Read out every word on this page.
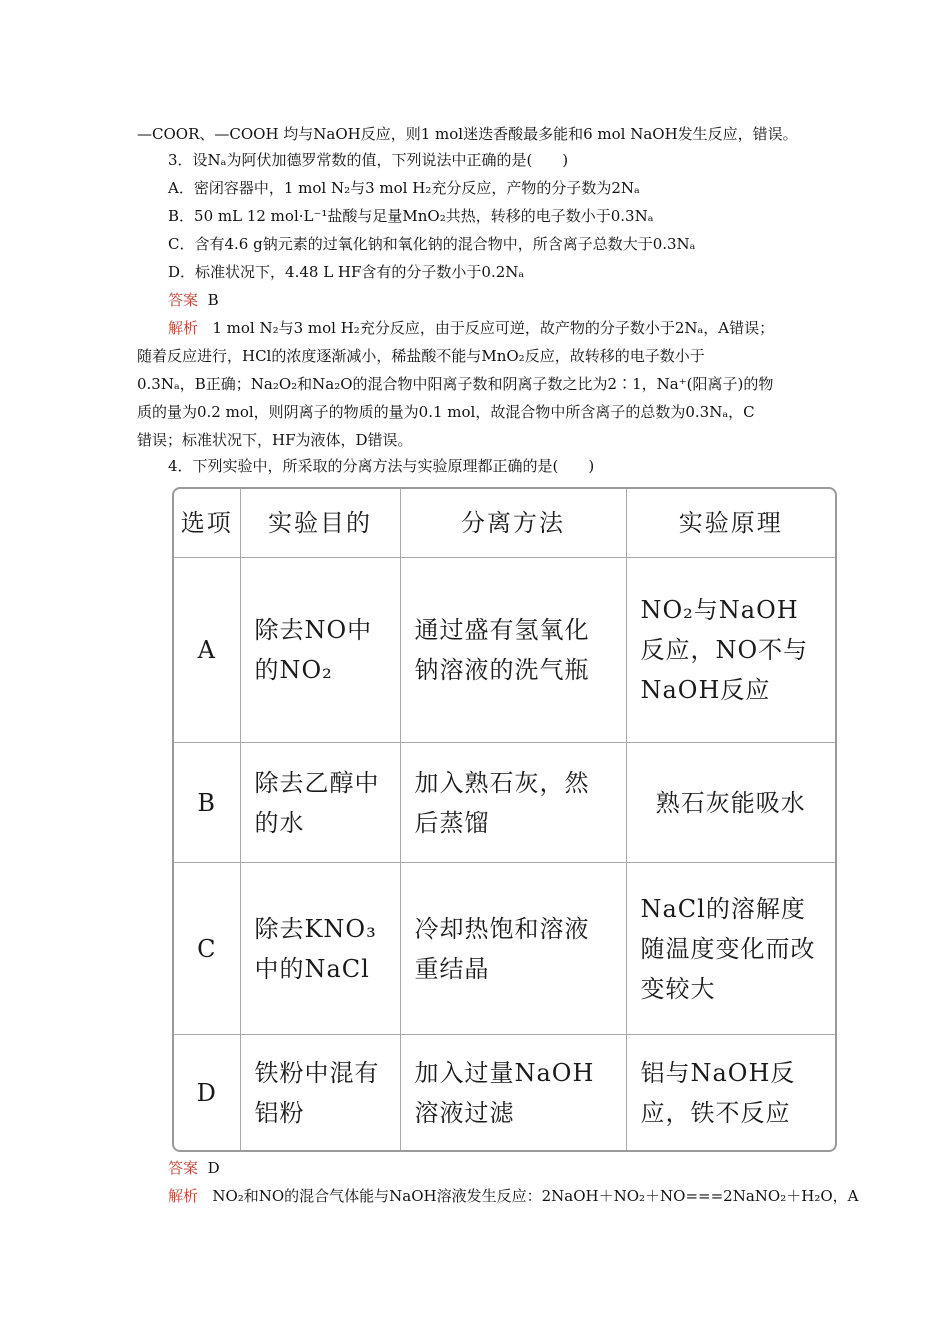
—COOR、—COOH 均与NaOH反应，则1 mol迷迭香酸最多能和6 mol NaOH发生反应，错误。
3．设Nₐ为阿伏加德罗常数的值，下列说法中正确的是(　　)
A．密闭容器中，1 mol N₂与3 mol H₂充分反应，产物的分子数为2Nₐ
B．50 mL 12 mol·L⁻¹盐酸与足量MnO₂共热，转移的电子数小于0.3Nₐ
C．含有4.6 g钠元素的过氧化钠和氧化钠的混合物中，所含离子总数大于0.3Nₐ
D．标准状况下，4.48 L HF含有的分子数小于0.2Nₐ
答案 B
解析 1 mol N₂与3 mol H₂充分反应，由于反应可逆，故产物的分子数小于2Nₐ，A错误；
随着反应进行，HCl的浓度逐渐减小，稀盐酸不能与MnO₂反应，故转移的电子数小于
0.3Nₐ，B正确；Na₂O₂和Na₂O的混合物中阳离子数和阴离子数之比为2∶1，Na⁺(阳离子)的物
质的量为0.2 mol，则阴离子的物质的量为0.1 mol，故混合物中所含离子的总数为0.3Nₐ，C
错误；标准状况下，HF为液体，D错误。
4．下列实验中，所采取的分离方法与实验原理都正确的是(　　)
选项	实验目的	分离方法	实验原理
A	除去NO中的NO₂	通过盛有氢氧化钠溶液的洗气瓶	NO₂与NaOH反应，NO不与NaOH反应
B	除去乙醇中的水	加入熟石灰，然后蒸馏	熟石灰能吸水
C	除去KNO₃中的NaCl	冷却热饱和溶液重结晶	NaCl的溶解度随温度变化而改变较大
D	铁粉中混有铝粉	加入过量NaOH溶液过滤	铝与NaOH反应，铁不反应
答案 D
解析 NO₂和NO的混合气体能与NaOH溶液发生反应：2NaOH＋NO₂＋NO===2NaNO₂＋H₂O，A
